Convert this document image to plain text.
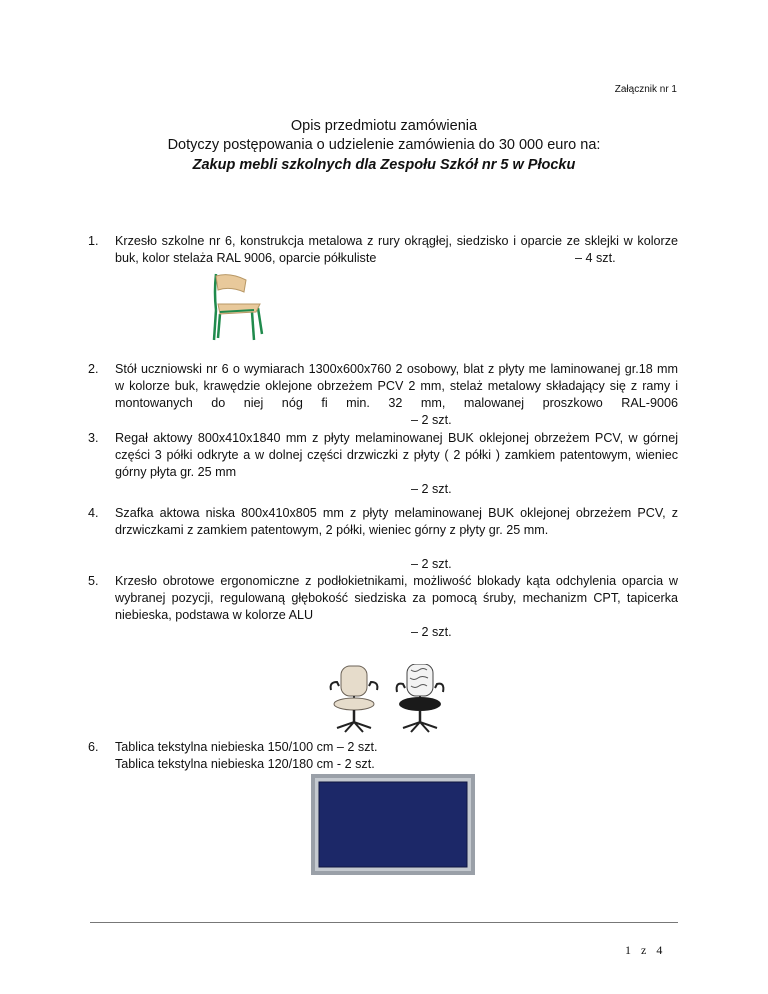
Załącznik nr 1
Opis przedmiotu zamówienia
Dotyczy postępowania o udzielenie zamówienia do 30 000 euro na:
Zakup mebli szkolnych dla Zespołu Szkół nr 5 w Płocku
1. Krzesło szkolne nr 6, konstrukcja metalowa z rury okrągłej, siedzisko i oparcie ze sklejki w kolorze buk, kolor stelaża RAL 9006, oparcie półkuliste	– 4 szt.
2. Stół uczniowski nr 6 o wymiarach 1300x600x760 2 osobowy, blat z płyty me laminowanej gr.18 mm w kolorze buk, krawędzie oklejone obrzeżem PCV 2 mm, stelaż metalowy składający się z ramy i montowanych do niej nóg fi min. 32 mm, malowanej proszkowo RAL-9006
– 2 szt.
3. Regał aktowy 800x410x1840 mm z płyty melaminowanej BUK oklejonej obrzeżem PCV, w górnej części 3 półki odkryte a w dolnej części drzwiczki z płyty ( 2 półki ) zamkiem patentowym, wieniec górny płyta gr. 25 mm
– 2 szt.
4. Szafka aktowa niska 800x410x805 mm z płyty melaminowanej BUK oklejonej obrzeżem PCV, z drzwiczkami z zamkiem patentowym, 2 półki, wieniec górny z płyty gr. 25 mm.
– 2 szt.
5. Krzesło obrotowe ergonomiczne z podłokietnikami, możliwość blokady kąta odchylenia oparcia w wybranej pozycji, regulowaną głębokość siedziska za pomocą śruby, mechanizm CPT, tapicerka niebieska, podstawa w kolorze ALU
– 2 szt.
6. Tablica tekstylna niebieska 150/100 cm – 2 szt.
Tablica tekstylna niebieska 120/180 cm - 2 szt.
1 z 4
